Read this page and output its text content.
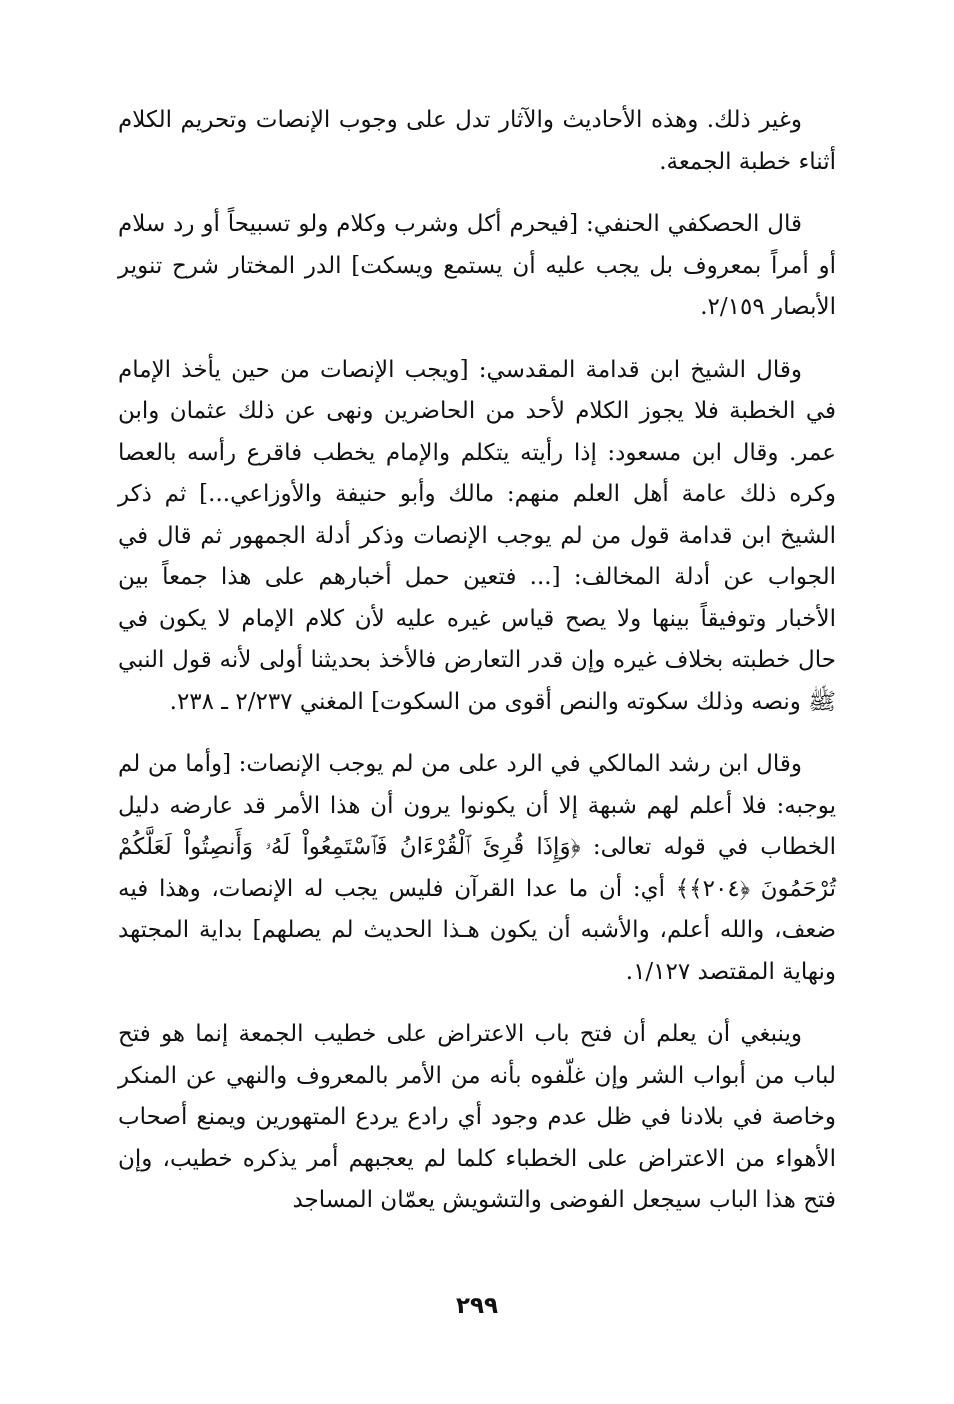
وغير ذلك. وهذه الأحاديث والآثار تدل على وجوب الإنصات وتحريم الكلام أثناء خطبة الجمعة.

قال الحصكفي الحنفي: [فيحرم أكل وشرب وكلام ولو تسبيحاً أو رد سلام أو أمراً بمعروف بل يجب عليه أن يستمع ويسكت] الدر المختار شرح تنوير الأبصار ٢/١٥٩.

وقال الشيخ ابن قدامة المقدسي: [ويجب الإنصات من حين يأخذ الإمام في الخطبة فلا يجوز الكلام لأحد من الحاضرين ونهى عن ذلك عثمان وابن عمر. وقال ابن مسعود: إذا رأيته يتكلم والإمام يخطب فاقرع رأسه بالعصا وكره ذلك عامة أهل العلم منهم: مالك وأبو حنيفة والأوزاعي...] ثم ذكر الشيخ ابن قدامة قول من لم يوجب الإنصات وذكر أدلة الجمهور ثم قال في الجواب عن أدلة المخالف: [... فتعين حمل أخبارهم على هذا جمعاً بين الأخبار وتوفيقاً بينها ولا يصح قياس غيره عليه لأن كلام الإمام لا يكون في حال خطبته بخلاف غيره وإن قدر التعارض فالأخذ بحديثنا أولى لأنه قول النبي ﷺ ونصه وذلك سكوته والنص أقوى من السكوت] المغني ٢/٢٣٧ ـ ٢٣٨.

وقال ابن رشد المالكي في الرد على من لم يوجب الإنصات: [وأما من لم يوجبه: فلا أعلم لهم شبهة إلا أن يكونوا يرون أن هذا الأمر قد عارضه دليل الخطاب في قوله تعالى: ﴿وَإِذَا قُرِئَ ٱلْقُرْءَانُ فَٱسْتَمِعُواْ لَهُۥ وَأَنصِتُواْ لَعَلَّكُمْ تُرْحَمُونَ ﴿٢٠٤﴾﴾ أي: أن ما عدا القرآن فليس يجب له الإنصات، وهذا فيه ضعف، والله أعلم، والأشبه أن يكون هـذا الحديث لم يصلهم] بداية المجتهد ونهاية المقتصد ١/١٢٧.

وينبغي أن يعلم أن فتح باب الاعتراض على خطيب الجمعة إنما هو فتح لباب من أبواب الشر وإن غلّفوه بأنه من الأمر بالمعروف والنهي عن المنكر وخاصة في بلادنا في ظل عدم وجود أي رادع يردع المتهورين ويمنع أصحاب الأهواء من الاعتراض على الخطباء كلما لم يعجبهم أمر يذكره خطيب، وإن فتح هذا الباب سيجعل الفوضى والتشويش يعمّان المساجد

٢٩٩
